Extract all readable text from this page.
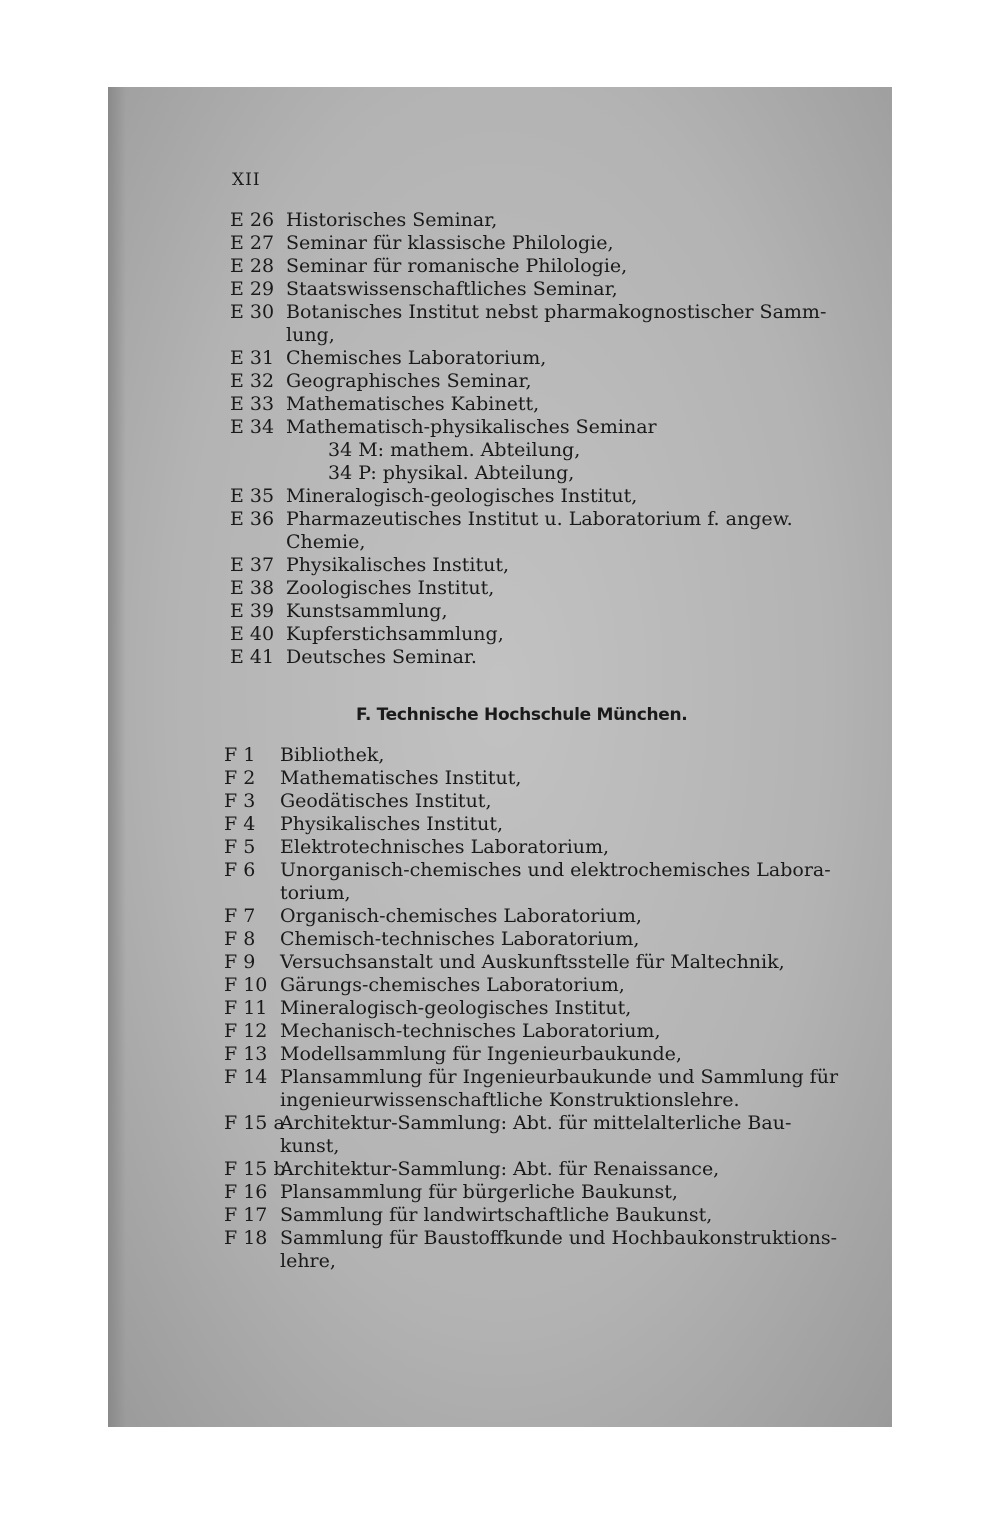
XII
E 26 Historisches Seminar,
E 27 Seminar für klassische Philologie,
E 28 Seminar für romanische Philologie,
E 29 Staatswissenschaftliches Seminar,
E 30 Botanisches Institut nebst pharmakognostischer Samm-
lung,
E 31 Chemisches Laboratorium,
E 32 Geographisches Seminar,
E 33 Mathematisches Kabinett,
E 34 Mathematisch-physikalisches Seminar
34 M: mathem. Abteilung,
34 P: physikal. Abteilung,
E 35 Mineralogisch-geologisches Institut,
E 36 Pharmazeutisches Institut u. Laboratorium f. angew.
Chemie,
E 37 Physikalisches Institut,
E 38 Zoologisches Institut,
E 39 Kunstsammlung,
E 40 Kupferstichsammlung,
E 41 Deutsches Seminar.
F. Technische Hochschule München.
F 1 Bibliothek,
F 2 Mathematisches Institut,
F 3 Geodätisches Institut,
F 4 Physikalisches Institut,
F 5 Elektrotechnisches Laboratorium,
F 6 Unorganisch-chemisches und elektrochemisches Labora-
torium,
F 7 Organisch-chemisches Laboratorium,
F 8 Chemisch-technisches Laboratorium,
F 9 Versuchsanstalt und Auskunftsstelle für Maltechnik,
F 10 Gärungs-chemisches Laboratorium,
F 11 Mineralogisch-geologisches Institut,
F 12 Mechanisch-technisches Laboratorium,
F 13 Modellsammlung für Ingenieurbaukunde,
F 14 Plansammlung für Ingenieurbaukunde und Sammlung für
ingenieurwissenschaftliche Konstruktionslehre.
F 15 a
Architektur-Sammlung: Abt. für mittelalterliche Bau-
kunst,
F 15 b
Architektur-Sammlung: Abt. für Renaissance,
F 16 Plansammlung für bürgerliche Baukunst,
F 17 Sammlung für landwirtschaftliche Baukunst,
F 18 Sammlung für Baustoffkunde und Hochbaukonstruktions-
lehre,
